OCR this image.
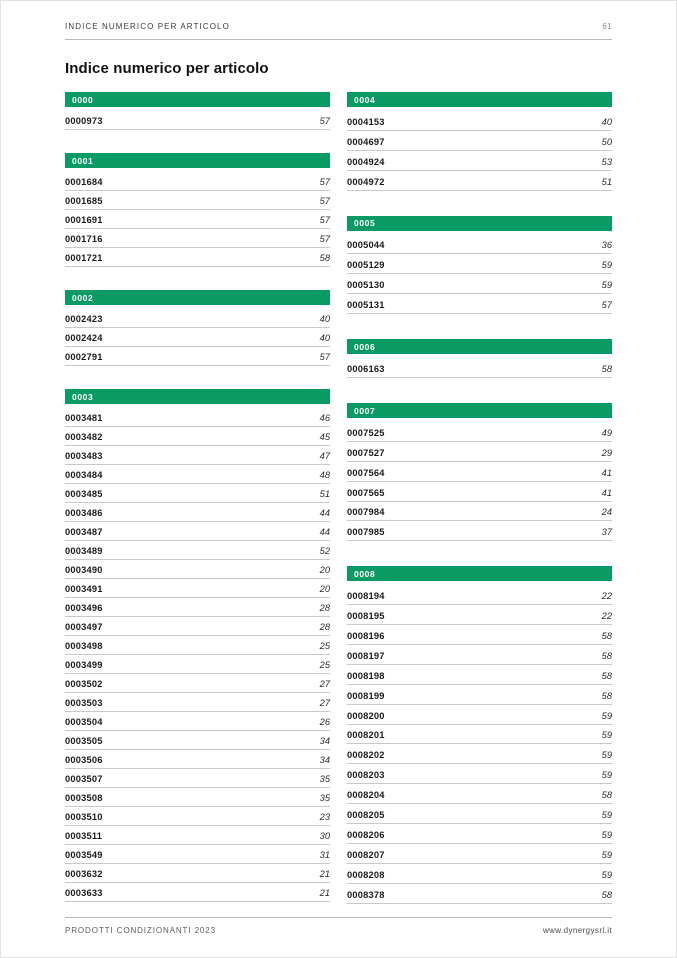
INDICE NUMERICO PER ARTICOLO	61
Indice numerico per articolo
0000
0000973	57
0001
0001684	57
0001685	57
0001691	57
0001716	57
0001721	58
0002
0002423	40
0002424	40
0002791	57
0003
0003481	46
0003482	45
0003483	47
0003484	48
0003485	51
0003486	44
0003487	44
0003489	52
0003490	20
0003491	20
0003496	28
0003497	28
0003498	25
0003499	25
0003502	27
0003503	27
0003504	26
0003505	34
0003506	34
0003507	35
0003508	35
0003510	23
0003511	30
0003549	31
0003632	21
0003633	21
0004
0004153	40
0004697	50
0004924	53
0004972	51
0005
0005044	36
0005129	59
0005130	59
0005131	57
0006
0006163	58
0007
0007525	49
0007527	29
0007564	41
0007565	41
0007984	24
0007985	37
0008
0008194	22
0008195	22
0008196	58
0008197	58
0008198	58
0008199	58
0008200	59
0008201	59
0008202	59
0008203	59
0008204	58
0008205	59
0008206	59
0008207	59
0008208	59
0008378	58
PRODOTTI CONDIZIONANTI 2023	www.dynergysrl.it
